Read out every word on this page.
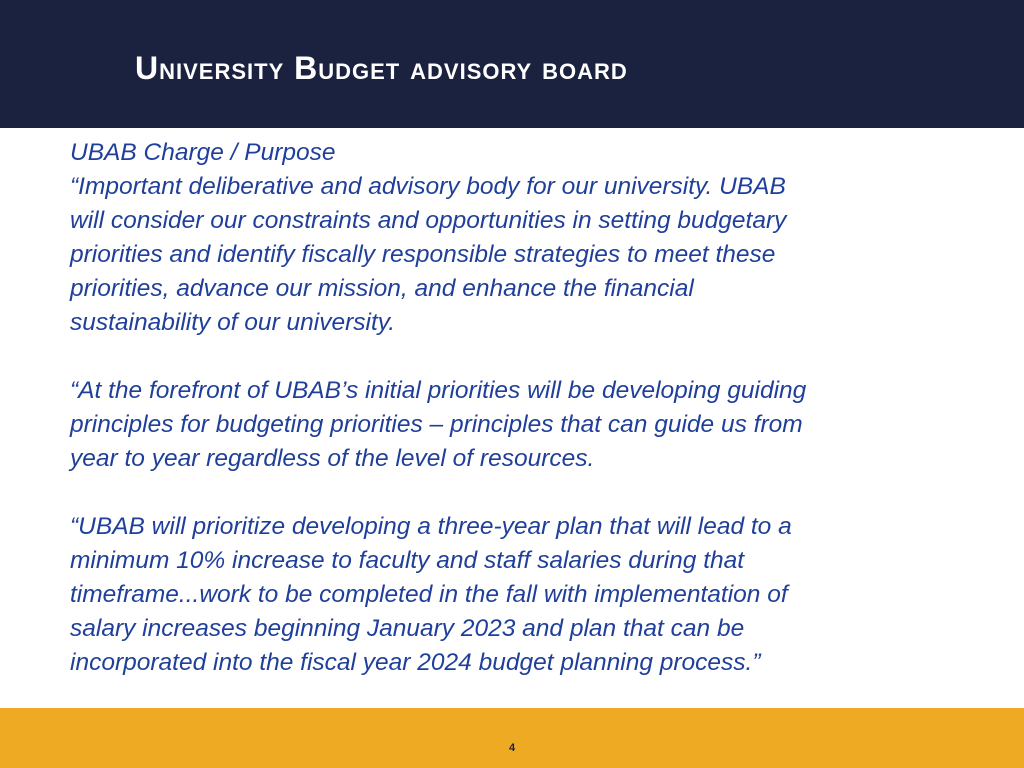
University Budget advisory board

UBAB Charge / Purpose

“Important deliberative and advisory body for our university. UBAB
will consider our constraints and opportunities in setting budgetary
priorities and identify fiscally responsible strategies to meet these
priorities, advance our mission, and enhance the financial
sustainability of our university.

“At the forefront of UBAB’s initial priorities will be developing guiding
principles for budgeting priorities – principles that can guide us from
year to year regardless of the level of resources.

“UBAB will prioritize developing a three-year plan that will lead to a
minimum 10% increase to faculty and staff salaries during that
timeframe...work to be completed in the fall with implementation of
salary increases beginning January 2023 and plan that can be
incorporated into the fiscal year 2024 budget planning process.”

4
